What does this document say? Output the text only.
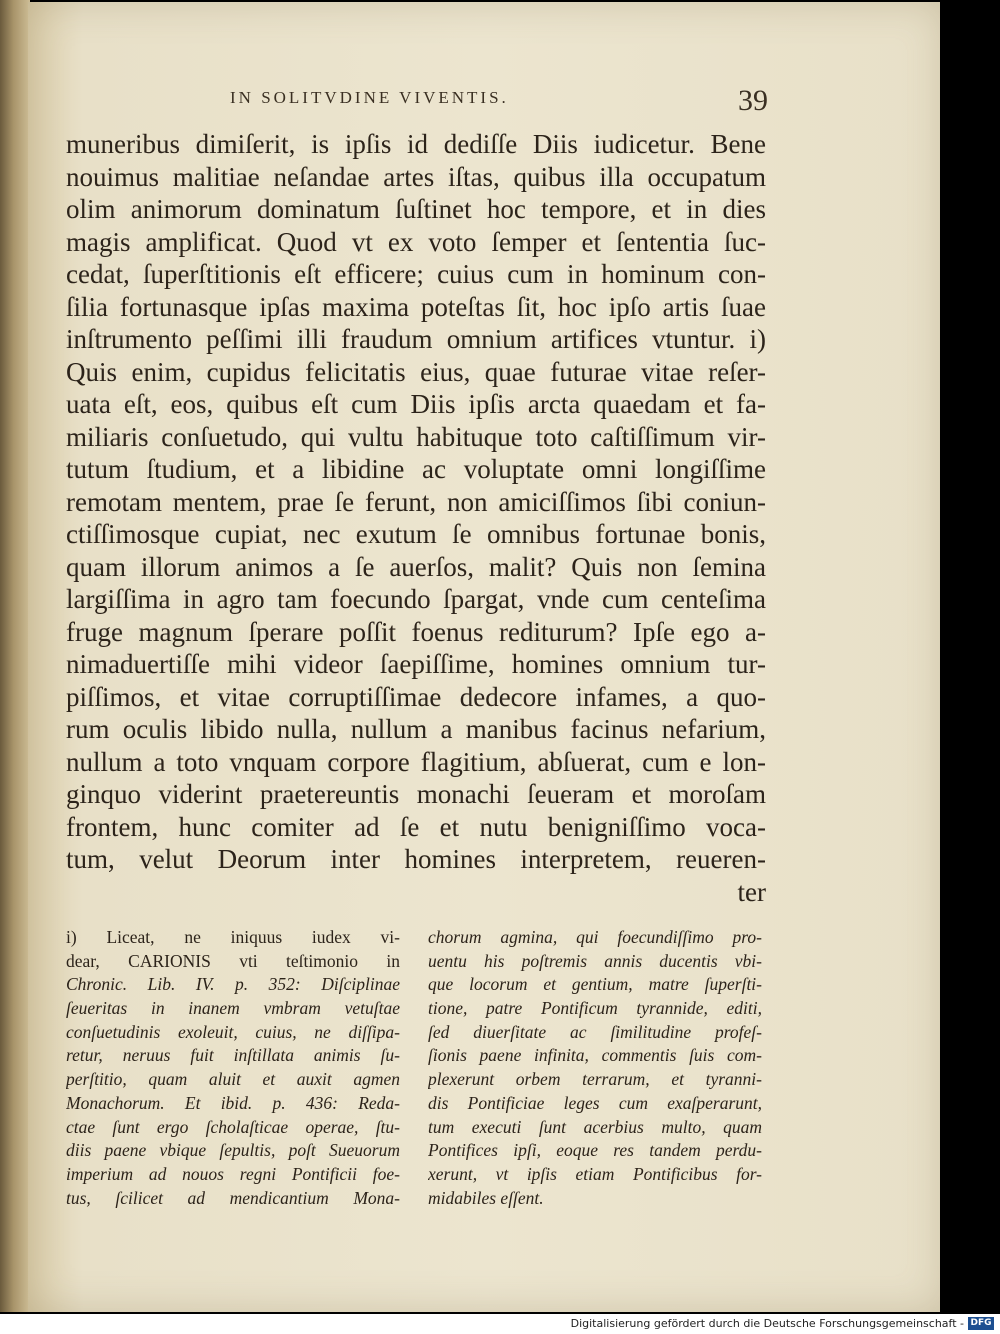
IN SOLITVDINE VIVENTIS.	39
muneribus dimiſerit, is ipſis id dediſſe Diis iudicetur. Bene
nouimus malitiae neſandae artes iſtas, quibus illa occupatum
olim animorum dominatum ſuſtinet hoc tempore, et in dies
magis amplificat. Quod vt ex voto ſemper et ſententia ſuc-
cedat, ſuperſtitionis eſt efficere; cuius cum in hominum con-
ſilia fortunasque ipſas maxima poteſtas ſit, hoc ipſo artis ſuae
inſtrumento peſſimi illi fraudum omnium artifices vtuntur. i)
Quis enim, cupidus felicitatis eius, quae futurae vitae reſer-
uata eſt, eos, quibus eſt cum Diis ipſis arcta quaedam et fa-
miliaris conſuetudo, qui vultu habituque toto caſtiſſimum vir-
tutum ſtudium, et a libidine ac voluptate omni longiſſime
remotam mentem, prae ſe ferunt, non amiciſſimos ſibi coniun-
ctiſſimosque cupiat, nec exutum ſe omnibus fortunae bonis,
quam illorum animos a ſe auerſos, malit? Quis non ſemina
largiſſima in agro tam foecundo ſpargat, vnde cum centeſima
fruge magnum ſperare poſſit foenus rediturum? Ipſe ego a-
nimaduertiſſe mihi videor ſaepiſſime, homines omnium tur-
piſſimos, et vitae corruptiſſimae dedecore infames, a quo-
rum oculis libido nulla, nullum a manibus facinus nefarium,
nullum a toto vnquam corpore flagitium, abſuerat, cum e lon-
ginquo viderint praetereuntis monachi ſeueram et moroſam
frontem, hunc comiter ad ſe et nutu benigniſſimo voca-
tum, velut Deorum inter homines interpretem, reueren-
ter
i) Liceat, ne iniquus iudex vi-
dear, CARIONIS vti teſtimonio in
Chronic. Lib. IV. p. 352: Diſciplinae
ſeueritas in inanem vmbram vetuſtae
conſuetudinis exoleuit, cuius, ne diſſipa-
retur, neruus fuit inſtillata animis ſu-
perſtitio, quam aluit et auxit agmen
Monachorum. Et ibid. p. 436: Reda-
ctae ſunt ergo ſcholaſticae operae, ſtu-
diis paene vbique ſepultis, poſt Sueuorum
imperium ad nouos regni Pontificii foe-
tus, ſcilicet ad mendicantium Mona-
chorum agmina, qui foecundiſſimo pro-
uentu his poſtremis annis ducentis vbi-
que locorum et gentium, matre ſuperſti-
tione, patre Pontificum tyrannide, editi,
ſed diuerſitate ac ſimilitudine profeſ-
ſionis paene infinita, commentis ſuis com-
plexerunt orbem terrarum, et tyranni-
dis Pontificiae leges cum exaſperarunt,
tum executi ſunt acerbius multo, quam
Pontifices ipſi, eoque res tandem perdu-
xerunt, vt ipſis etiam Pontificibus for-
midabiles eſſent.
Digitalisierung gefördert durch die Deutsche Forschungsgemeinschaft - DFG
